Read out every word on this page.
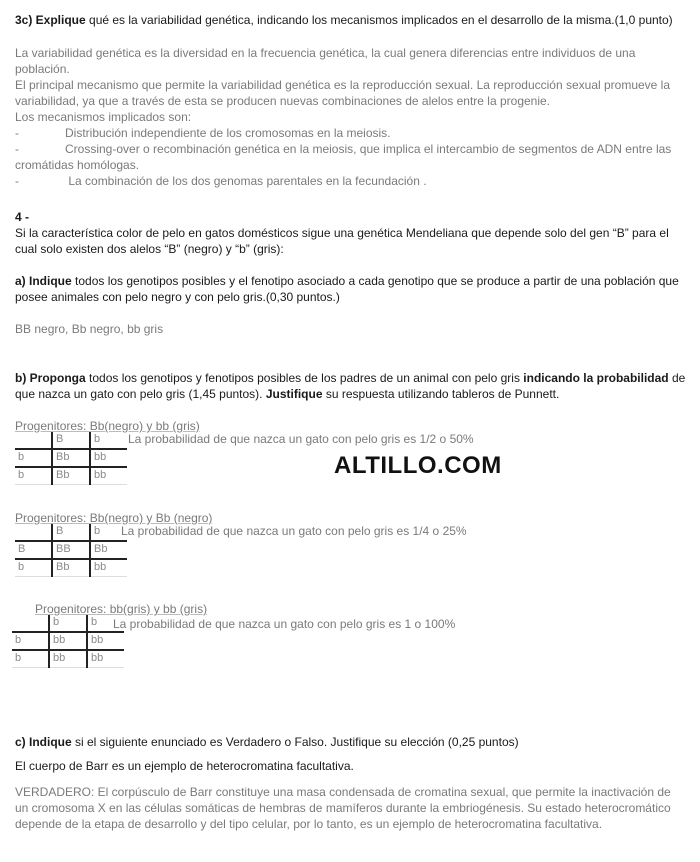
3c) Explique qué es la variabilidad genética, indicando los mecanismos implicados en el desarrollo de la misma.(1,0 punto)
La variabilidad genética es la diversidad en la frecuencia genética, la cual genera diferencias entre individuos de una población.
El principal mecanismo que permite la variabilidad genética es la reproducción sexual. La reproducción sexual promueve la variabilidad, ya que a través de esta se producen nuevas combinaciones de alelos entre la progenie.
Los mecanismos implicados son:
-	Distribución independiente de los cromosomas en la meiosis.
-	Crossing-over o recombinación genética en la meiosis, que implica el intercambio de segmentos de ADN entre las cromátidas homólogas.
-	La combinación de los dos genomas parentales en la fecundación .
4 -
Si la característica color de pelo en gatos domésticos sigue una genética Mendeliana que depende solo del gen “B” para el cual solo existen dos alelos “B” (negro) y “b” (gris):
a) Indique todos los genotipos posibles y el fenotipo asociado a cada genotipo que se produce a partir de una población que posee animales con pelo negro y con pelo gris.(0,30 puntos.)
BB negro, Bb negro, bb gris
b) Proponga todos los genotipos y fenotipos posibles de los padres de un animal con pelo gris indicando la probabilidad de que nazca un gato con pelo gris (1,45 puntos). Justifique su respuesta utilizando tableros de Punnett.
Progenitores: Bb(negro) y bb (gris)
	B	b
b	Bb	bb
b	Bb	bb
La probabilidad de que nazca un gato con pelo gris es 1/2 o 50%
ALTILLO.COM
Progenitores: Bb(negro) y Bb (negro)
	B	b
B	BB	Bb
b	Bb	bb
La probabilidad de que nazca un gato con pelo gris es 1/4 o 25%
Progenitores: bb(gris) y bb (gris)
	b	b
b	bb	bb
b	bb	bb
La probabilidad de que nazca un gato con pelo gris es 1 o 100%
c) Indique si el siguiente enunciado es Verdadero o Falso. Justifique su elección (0,25 puntos)
El cuerpo de Barr es un ejemplo de heterocromatina facultativa.
VERDADERO: El corpúsculo de Barr constituye una masa condensada de cromatina sexual, que permite la inactivación de un cromosoma X en las células somáticas de hembras de mamíferos durante la embriogénesis. Su estado heterocromático depende de la etapa de desarrollo y del tipo celular, por lo tanto, es un ejemplo de heterocromatina facultativa.
